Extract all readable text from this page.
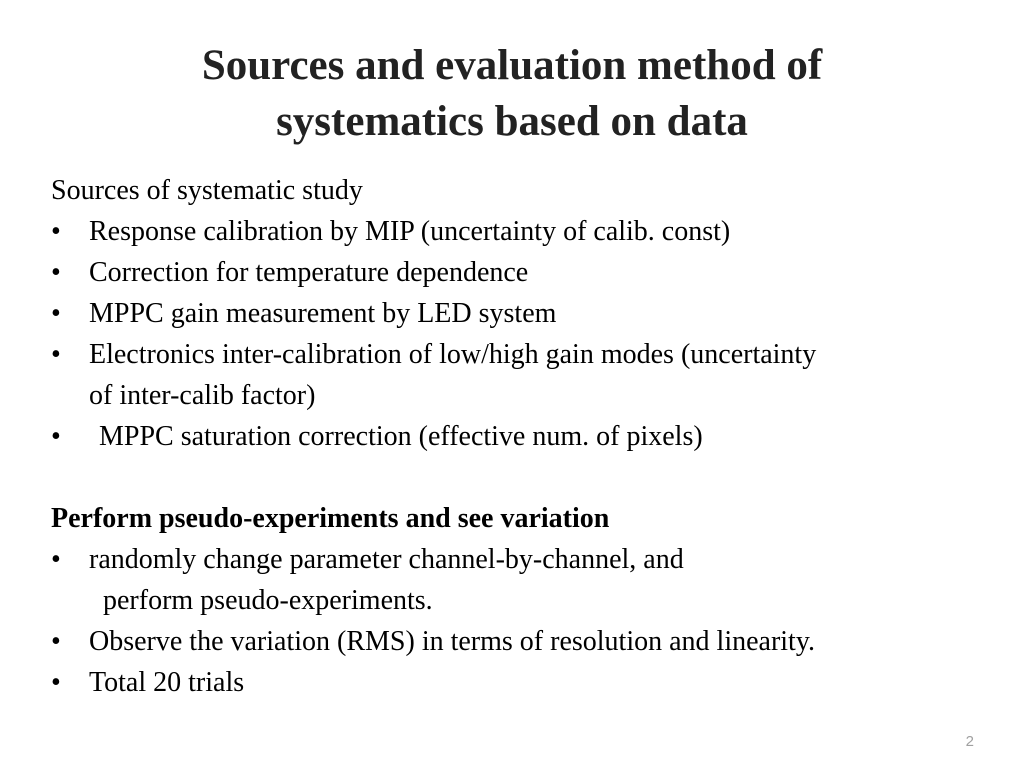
Sources and evaluation method of
systematics based on data
Sources of systematic study
•	Response calibration by MIP (uncertainty of calib. const)
•	Correction for temperature dependence
•	MPPC gain measurement by LED system
•	Electronics inter-calibration of low/high gain modes (uncertainty
of inter-calib factor)
•	MPPC saturation correction (effective num. of pixels)
Perform pseudo-experiments and see variation
•	randomly change parameter channel-by-channel, and
perform pseudo-experiments.
•	Observe the variation (RMS) in terms of resolution and linearity.
•	Total 20 trials
2
